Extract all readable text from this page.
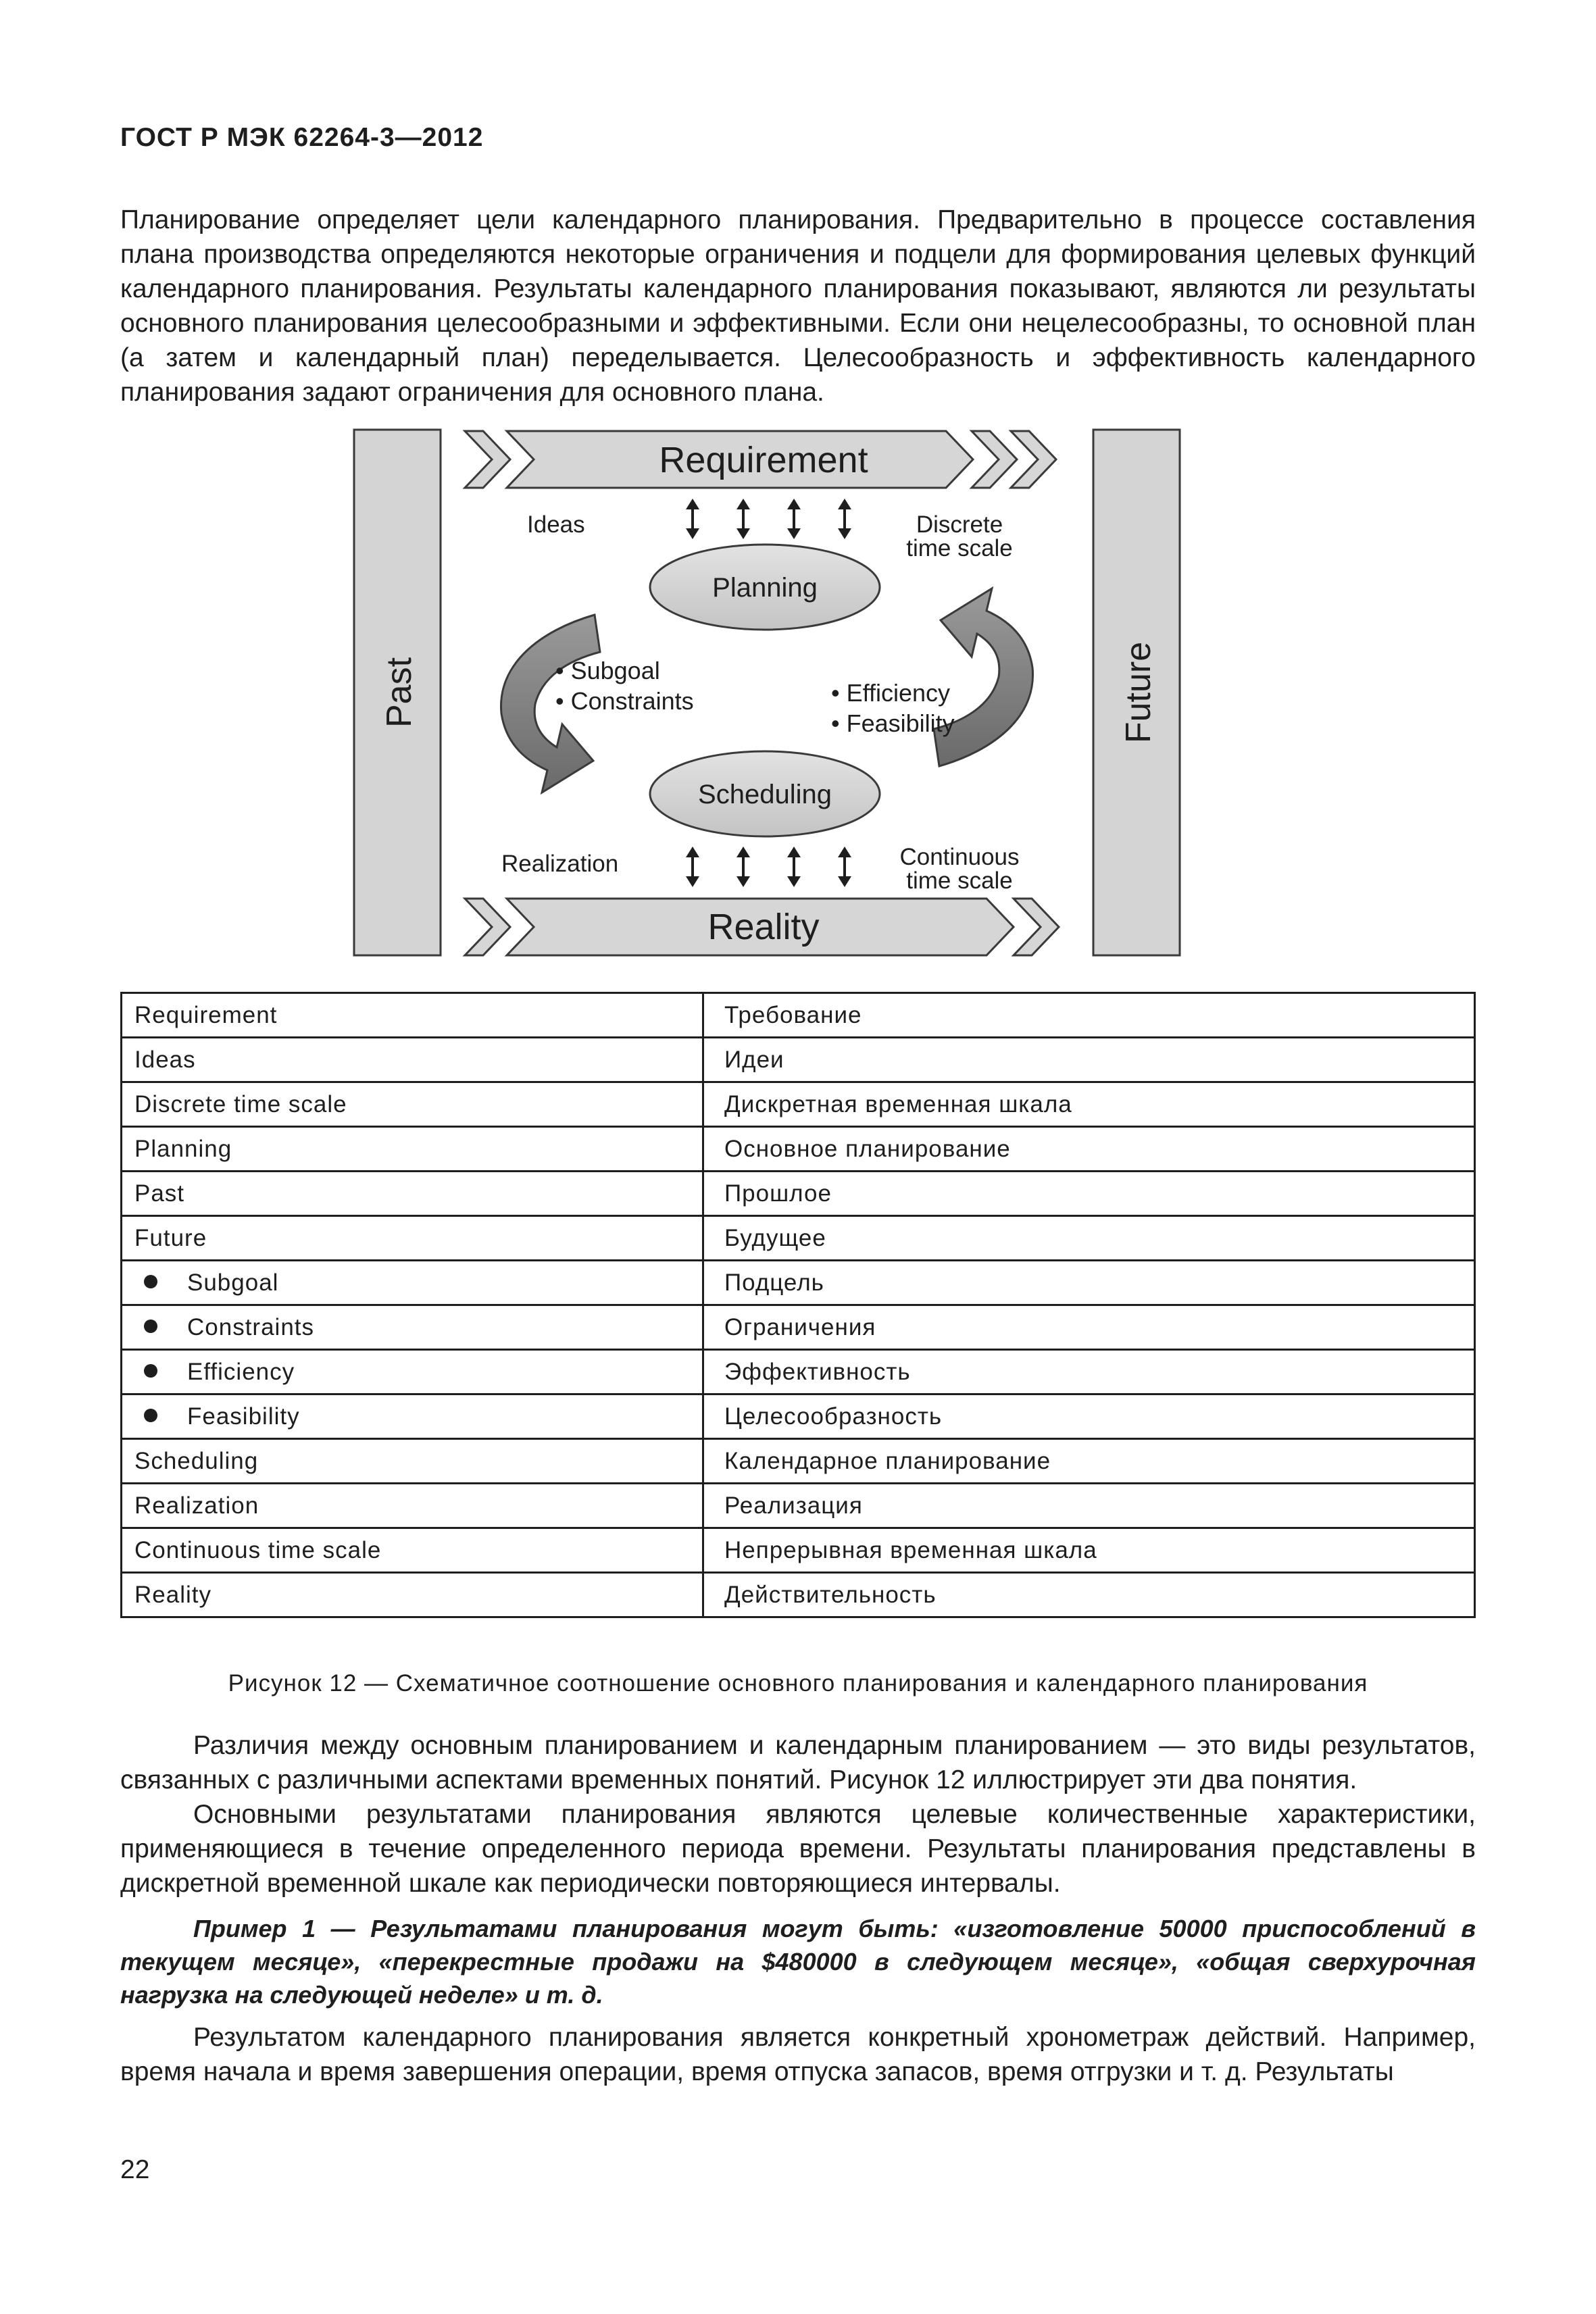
ГОСТ Р МЭК 62264-3—2012
Планирование определяет цели календарного планирования. Предварительно в процессе составления плана производства определяются некоторые ограничения и подцели для формирования целевых функций календарного планирования. Результаты календарного планирования показывают, являются ли результаты основного планирования целесообразными и эффективными. Если они нецелесообразны, то основной план (а затем и календарный план) переделывается. Целесообразность и эффективность календарного планирования задают ограничения для основного плана.
Past	Future
Requirement
Reality
Ideas	Discrete
time scale
Realization	Continuous
time scale
Planning
Scheduling
• Subgoal
• Constraints	• Efficiency
• Feasibility
Requirement	Требование
Ideas	Идеи
Discrete time scale	Дискретная временная шкала
Planning	Основное планирование
Past	Прошлое
Future	Будущее
Subgoal	Подцель
Constraints	Ограничения
Efficiency	Эффективность
Feasibility	Целесообразность
Scheduling	Календарное планирование
Realization	Реализация
Continuous time scale	Непрерывная временная шкала
Reality	Действительность
Рисунок 12 — Схематичное соотношение основного планирования и календарного планирования
Различия между основным планированием и календарным планированием — это виды результатов, связанных с различными аспектами временных понятий. Рисунок 12 иллюстрирует эти два понятия.
Основными результатами планирования являются целевые количественные характеристики, применяющиеся в течение определенного периода времени. Результаты планирования представлены в дискретной временной шкале как периодически повторяющиеся интервалы.
Пример 1 — Результатами планирования могут быть: «изготовление 50000 приспособлений в текущем месяце», «перекрестные продажи на $480000 в следующем месяце», «общая сверхурочная нагрузка на следующей неделе» и т. д.
Результатом календарного планирования является конкретный хронометраж действий. Например, время начала и время завершения операции, время отпуска запасов, время отгрузки и т. д. Результаты
22
